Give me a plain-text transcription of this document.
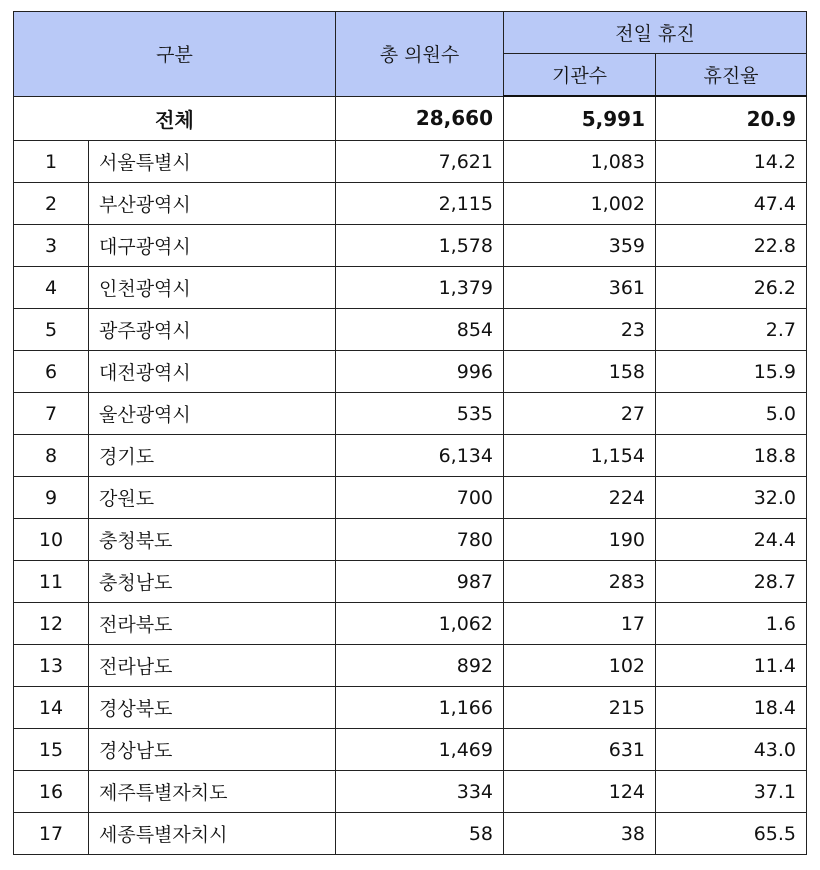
구분		총 의원수	전일 휴진	
			기관수	휴진율
전체		28,660	5,991	20.9
1	서울특별시	7,621	1,083	14.2
2	부산광역시	2,115	1,002	47.4
3	대구광역시	1,578	359	22.8
4	인천광역시	1,379	361	26.2
5	광주광역시	854	23	2.7
6	대전광역시	996	158	15.9
7	울산광역시	535	27	5.0
8	경기도	6,134	1,154	18.8
9	강원도	700	224	32.0
10	충청북도	780	190	24.4
11	충청남도	987	283	28.7
12	전라북도	1,062	17	1.6
13	전라남도	892	102	11.4
14	경상북도	1,166	215	18.4
15	경상남도	1,469	631	43.0
16	제주특별자치도	334	124	37.1
17	세종특별자치시	58	38	65.5
